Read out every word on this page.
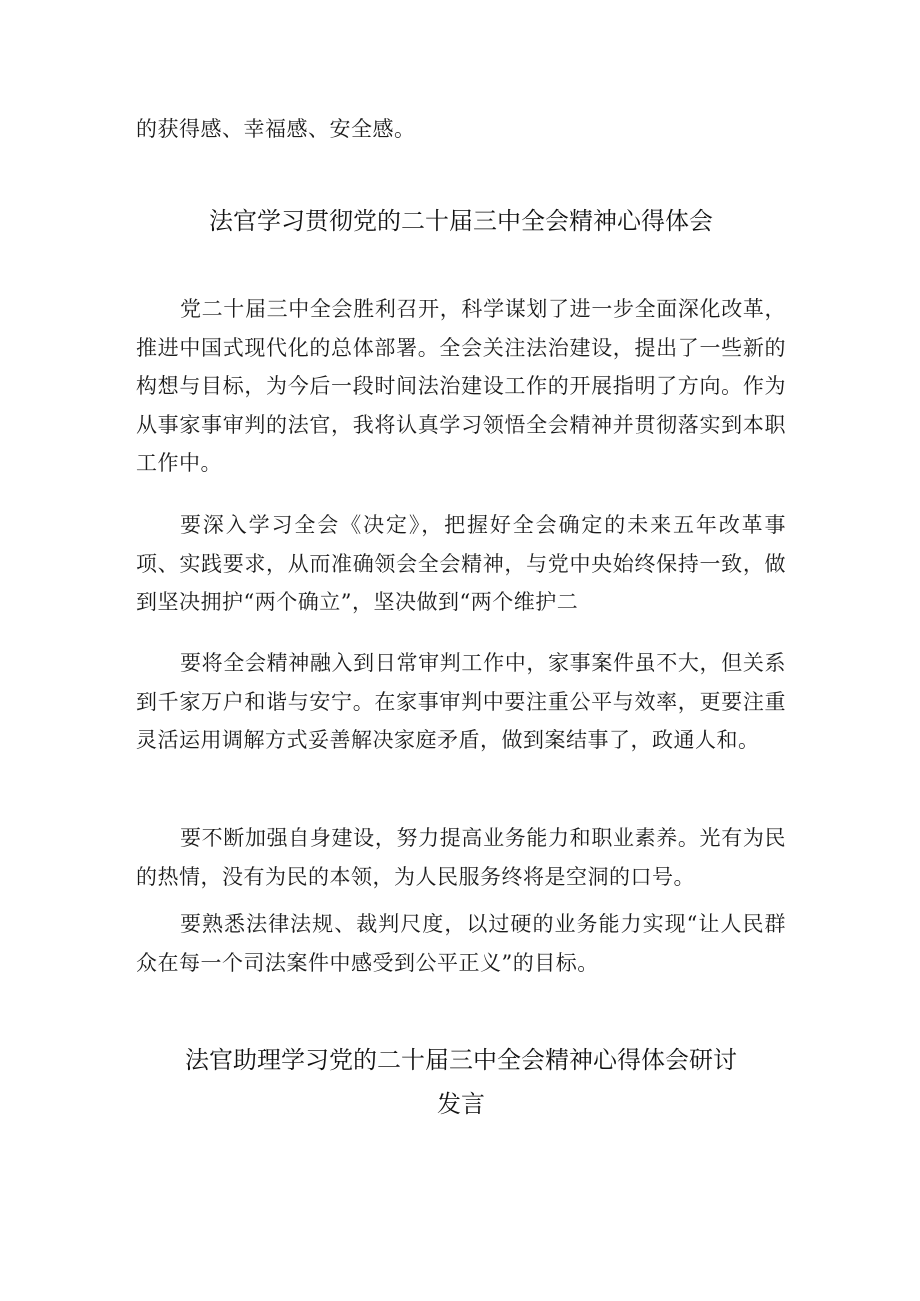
的获得感、幸福感、安全感。

法官学习贯彻党的二十届三中全会精神心得体会

党二十届三中全会胜利召开，科学谋划了进一步全面深化改革，推进中国式现代化的总体部署。全会关注法治建设，提出了一些新的构想与目标，为今后一段时间法治建设工作的开展指明了方向。作为从事家事审判的法官，我将认真学习领悟全会精神并贯彻落实到本职工作中。

要深入学习全会《决定》，把握好全会确定的未来五年改革事项、实践要求，从而准确领会全会精神，与党中央始终保持一致，做到坚决拥护“两个确立”，坚决做到“两个维护二

要将全会精神融入到日常审判工作中，家事案件虽不大，但关系到千家万户和谐与安宁。在家事审判中要注重公平与效率，更要注重灵活运用调解方式妥善解决家庭矛盾，做到案结事了，政通人和。

要不断加强自身建设，努力提高业务能力和职业素养。光有为民的热情，没有为民的本领，为人民服务终将是空洞的口号。

要熟悉法律法规、裁判尺度，以过硬的业务能力实现“让人民群众在每一个司法案件中感受到公平正义”的目标。

法官助理学习党的二十届三中全会精神心得体会研讨
发言
